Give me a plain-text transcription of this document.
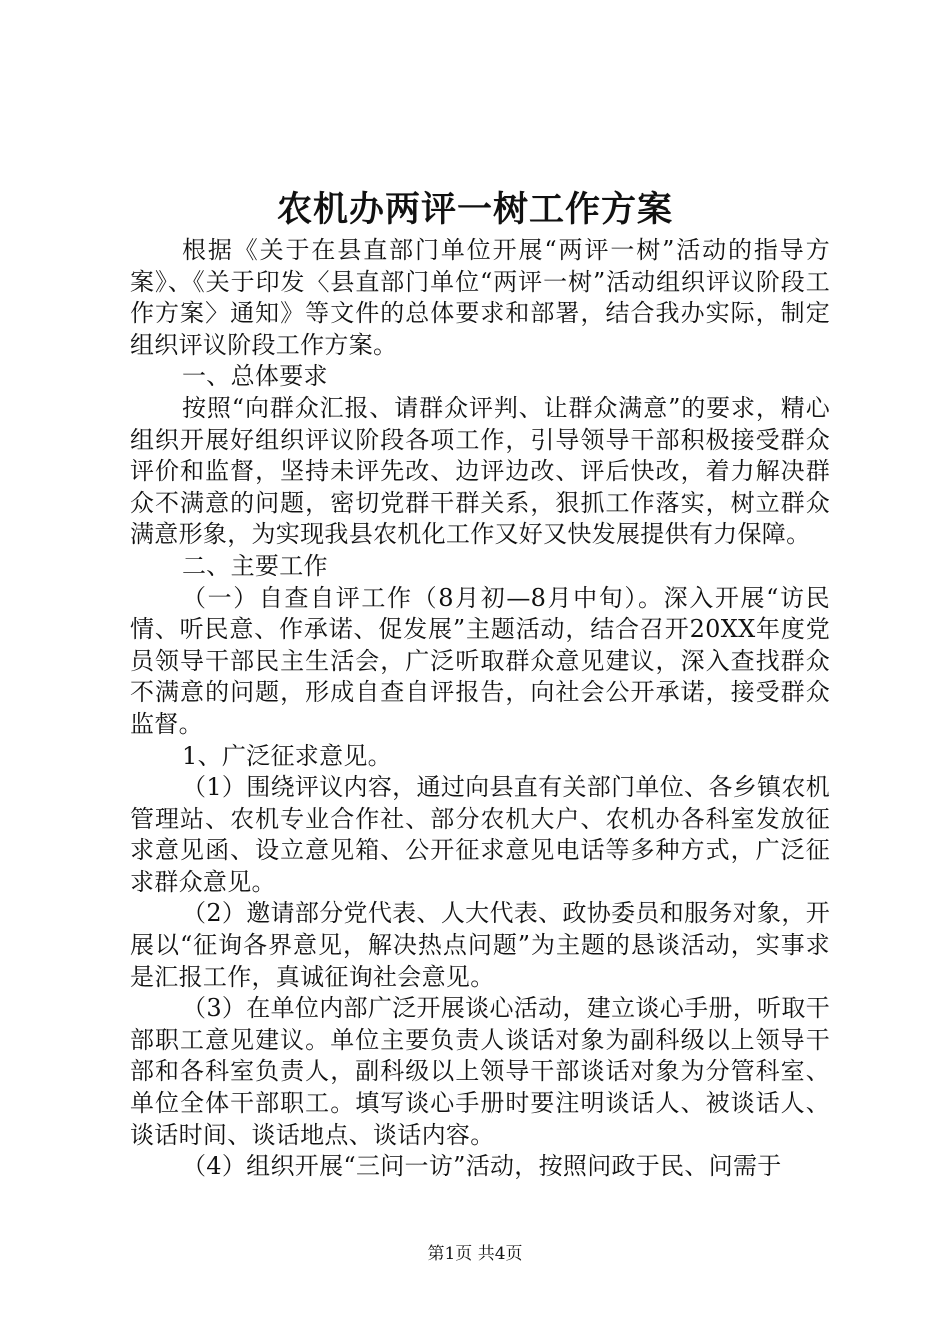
农机办两评一树工作方案

根据《关于在县直部门单位开展“两评一树”活动的指导方案》、《关于印发〈县直部门单位“两评一树”活动组织评议阶段工作方案〉通知》等文件的总体要求和部署，结合我办实际，制定组织评议阶段工作方案。

一、总体要求

按照“向群众汇报、请群众评判、让群众满意”的要求，精心组织开展好组织评议阶段各项工作，引导领导干部积极接受群众评价和监督，坚持未评先改、边评边改、评后快改，着力解决群众不满意的问题，密切党群干群关系，狠抓工作落实，树立群众满意形象，为实现我县农机化工作又好又快发展提供有力保障。

二、主要工作

（一）自查自评工作（8月初—8月中旬）。深入开展“访民情、听民意、作承诺、促发展”主题活动，结合召开20XX年度党员领导干部民主生活会，广泛听取群众意见建议，深入查找群众不满意的问题，形成自查自评报告，向社会公开承诺，接受群众监督。

1、广泛征求意见。

（1）围绕评议内容，通过向县直有关部门单位、各乡镇农机管理站、农机专业合作社、部分农机大户、农机办各科室发放征求意见函、设立意见箱、公开征求意见电话等多种方式，广泛征求群众意见。

（2）邀请部分党代表、人大代表、政协委员和服务对象，开展以“征询各界意见，解决热点问题”为主题的恳谈活动，实事求是汇报工作，真诚征询社会意见。

（3）在单位内部广泛开展谈心活动，建立谈心手册，听取干部职工意见建议。单位主要负责人谈话对象为副科级以上领导干部和各科室负责人，副科级以上领导干部谈话对象为分管科室、单位全体干部职工。填写谈心手册时要注明谈话人、被谈话人、谈话时间、谈话地点、谈话内容。

（4）组织开展“三问一访”活动，按照问政于民、问需于

第1页 共4页
